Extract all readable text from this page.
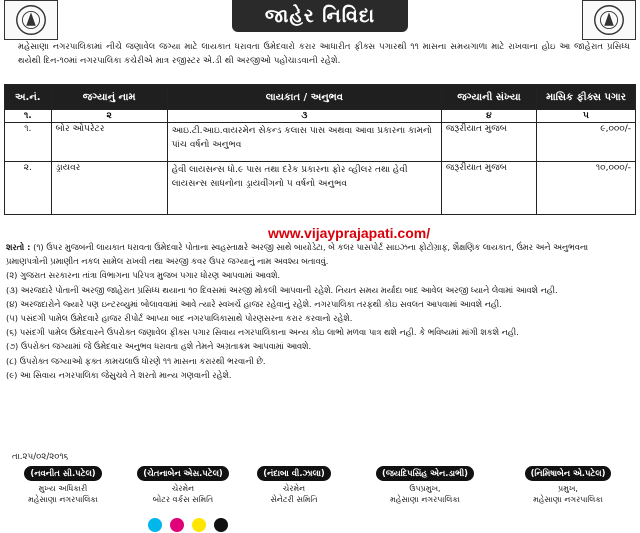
જાહેર નિવિદા
મહેસાણા નગરપાલિકામાં નીચે જણાવેલ જગ્યા માટે લાયકાત ધરાવતા ઉમેદવારો કરાર આધારીત ફીક્સ પગારથી ૧૧ માસના સમયગાળા માટે રાખવાના હોઇ આ જાહેરાત પ્રસિધ્ધ થયેથી દિન-૧૦માં નગરપાલિકા કચેરીએ માત્ર રજીસ્ટર એ.ડી થી અરજીઓ પહોંચાડવાની રહેશે.
અ.નં.	જગ્યાનું નામ	લાયકાત / અનુભવ	જગ્યાની સંખ્યા	માસિક ફીક્સ પગાર
૧.	૨	૩	૪	૫
૧.	બોર ઓપરેટર	આઇ.ટી.આઇ.વાયરમેન સેકન્ડ કલાસ પાસ અથવા આવા પ્રકારના કામનો પાંચ વર્ષનો અનુભવ	જરૂરીયાત મુજબ	૯,૦૦૦/-
૨.	ડ્રાયવર	હેવી લાયસન્સ ધો.૯ પાસ તથા દરેક પ્રકારના ફોર વ્હીલર તથા હેવી લાયસન્સ સાધનોના ડ્રાયવીંગનો ૫ વર્ષનો અનુભવ	જરૂરીયાત મુજબ	૧૦,૦૦૦/-
www.vijayprajapati.com/

શરતો : (૧) ઉપર મુજબની લાયકાત ધરાવતા ઉમેદવારે પોતાના સ્વહસ્તાક્ષરે અરજી સાથે બાયોડેટા, બે કલર પાસપોર્ટ સાઇઝના ફોટોગ્રાફ, શૈક્ષણિક લાયકાત, ઉંમર અને અનુભવના પ્રમાણપત્રોની પ્રમાણીત નકલ સામેલ રાખવી તથા અરજી કવર ઉપર જગ્યાનું નામ અવશ્ય બતાવવું.

(૨) ગુજરાત સરકારના તાંત્રા વિભાગના પરિપત્ર મુજબ પગાર ધોરણ આપવામાં આવશે.

(૩) અરજદારે પોતાની અરજી જાહેરાત પ્રસિધ્ધ થયાના ૧૦ દિવસમાં અરજી મોકલી આપવાની રહેશે. નિયત સમય મર્યાદા બાદ આવેલ અરજી ધ્યાને લેવામાં આવશે નહી.

(૪) અરજદારોને જ્યારે પણ ઇન્ટરવ્યુમાં બોલાવવામાં આવે ત્યારે સ્વખર્ચે હાજર રહેવાનું રહેશે. નગરપાલિકા તરફથી કોઇ સવલત આપવામાં આવશે નહી.

(૫) પસંદગી પામેલ ઉમેદવારે હાજર રીપોર્ટ આપ્યા બાદ નગરપાલિકાસાથે પોરણસરના કરાર કરવાનો રહેશે.

(૬) પસંદગી પામેલ ઉમેદવારને ઉપરોક્ત જણાવેલ ફીક્સ પગાર સિવાય નગરપાલિકાના અન્ય કોઇ લાભો મળવા પાત્ર થશે નહી. કે ભવિષ્યમાં માંગી શકશે નહી.

(૭) ઉપરોક્ત જગ્યામાં જે ઉમેદવાર અનુભવ ધરાવતા હશે તેમને અગ્રતાક્રમ આપવામાં આવશે.

(૮) ઉપરોક્ત જગ્યાઓ ફક્ત કામચલાઉ ધોરણે ૧૧ માસના કરારથી ભરવાની છે.

(૯) આ સિવાય નગરપાલિકા જેસુચવે તે શરતો માન્ય ગણવાની રહેશે.

તા.૨૫/૦૨/૨૦૧૬
(નવનીત સી.પટેલ)
મુખ્ય અધિકારી
મહેસાણા નગરપાલિકા
(ચેતનાબેન એસ.પટેલ)
ચેરમેન
બોટર વર્કસ સમિતિ
(નંદાબા વી.ઝાલા)
ચેરમેન
સેનેટરી સમિતિ
(જયદિપસિંહ એન.ડાભી)
ઉપપ્રમુખ,
મહેસાણા નગરપાલિકા
(નિમિષાબેન એ.પટેલ)
પ્રમુખ,
મહેસાણા નગરપાલિકા
